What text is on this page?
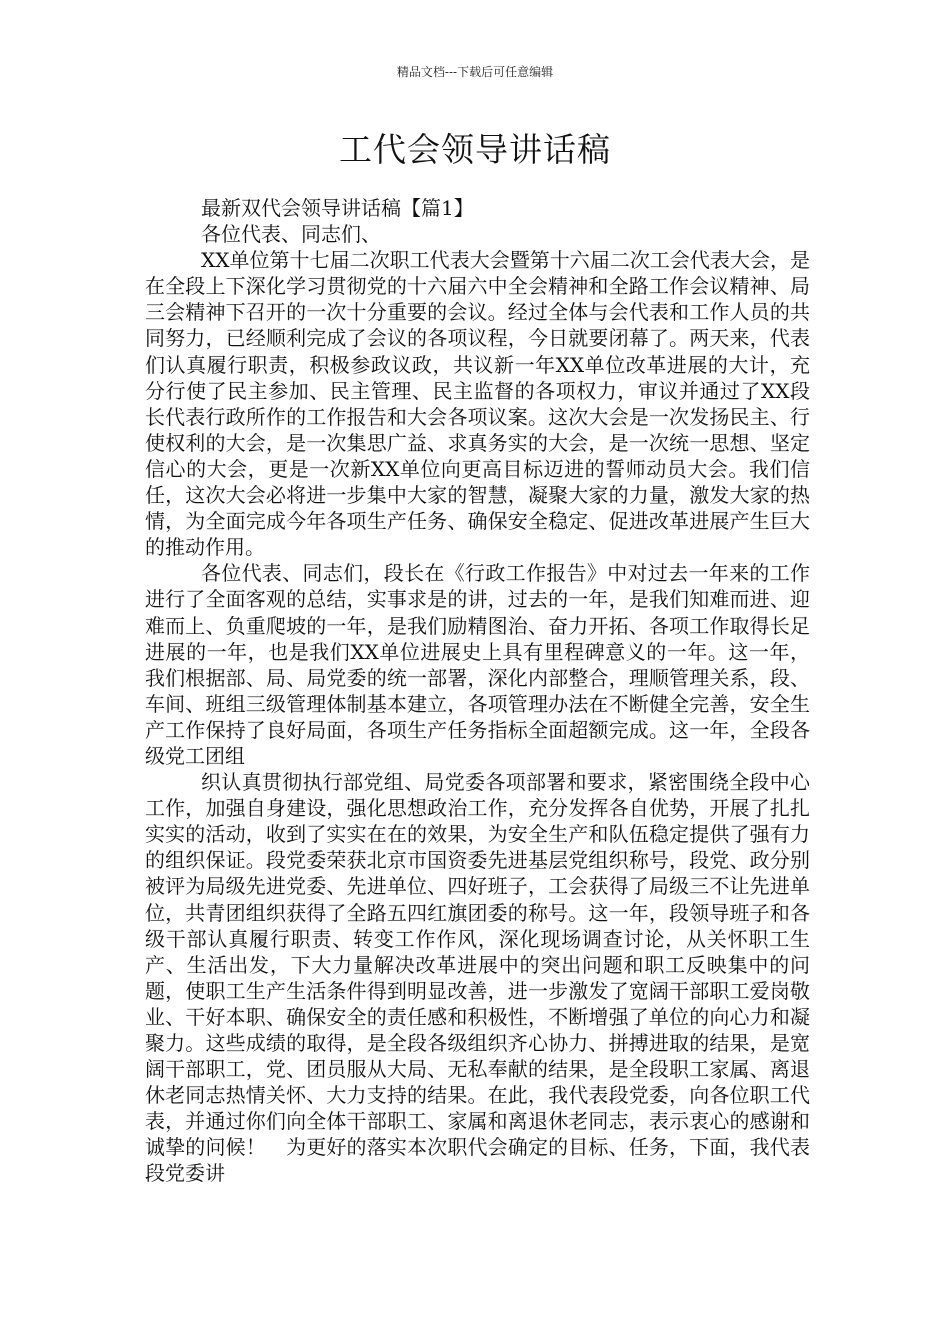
精品文档---下载后可任意编辑
工代会领导讲话稿

最新双代会领导讲话稿【篇1】

各位代表、同志们、

XX单位第十七届二次职工代表大会暨第十六届二次工会代表大会，是在全段上下深化学习贯彻党的十六届六中全会精神和全路工作会议精神、局三会精神下召开的一次十分重要的会议。经过全体与会代表和工作人员的共同努力，已经顺利完成了会议的各项议程，今日就要闭幕了。两天来，代表们认真履行职责，积极参政议政，共议新一年XX单位改革进展的大计，充分行使了民主参加、民主管理、民主监督的各项权力，审议并通过了XX段长代表行政所作的工作报告和大会各项议案。这次大会是一次发扬民主、行使权利的大会，是一次集思广益、求真务实的大会，是一次统一思想、坚定信心的大会，更是一次新XX单位向更高目标迈进的誓师动员大会。我们信任，这次大会必将进一步集中大家的智慧，凝聚大家的力量，激发大家的热情，为全面完成今年各项生产任务、确保安全稳定、促进改革进展产生巨大的推动作用。

各位代表、同志们，段长在《行政工作报告》中对过去一年来的工作进行了全面客观的总结，实事求是的讲，过去的一年，是我们知难而进、迎难而上、负重爬坡的一年，是我们励精图治、奋力开拓、各项工作取得长足进展的一年，也是我们XX单位进展史上具有里程碑意义的一年。这一年，我们根据部、局、局党委的统一部署，深化内部整合，理顺管理关系，段、车间、班组三级管理体制基本建立，各项管理办法在不断健全完善，安全生产工作保持了良好局面，各项生产任务指标全面超额完成。这一年，全段各级党工团组

织认真贯彻执行部党组、局党委各项部署和要求，紧密围绕全段中心工作，加强自身建设，强化思想政治工作，充分发挥各自优势，开展了扎扎实实的活动，收到了实实在在的效果，为安全生产和队伍稳定提供了强有力的组织保证。段党委荣获北京市国资委先进基层党组织称号，段党、政分别被评为局级先进党委、先进单位、四好班子，工会获得了局级三不让先进单位，共青团组织获得了全路五四红旗团委的称号。这一年，段领导班子和各级干部认真履行职责、转变工作作风，深化现场调查讨论，从关怀职工生产、生活出发，下大力量解决改革进展中的突出问题和职工反映集中的问题，使职工生产生活条件得到明显改善，进一步激发了宽阔干部职工爱岗敬业、干好本职、确保安全的责任感和积极性，不断增强了单位的向心力和凝聚力。这些成绩的取得，是全段各级组织齐心协力、拼搏进取的结果，是宽阔干部职工，党、团员服从大局、无私奉献的结果，是全段职工家属、离退休老同志热情关怀、大力支持的结果。在此，我代表段党委，向各位职工代表，并通过你们向全体干部职工、家属和离退休老同志，表示衷心的感谢和诚挚的问候！　为更好的落实本次职代会确定的目标、任务，下面，我代表段党委讲
